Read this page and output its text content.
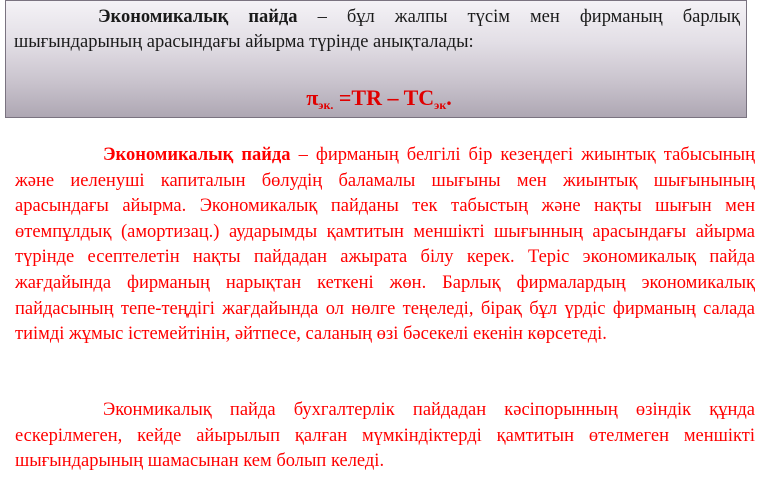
Экономикалық пайда – бұл жалпы түсім мен фирманың барлық шығындарының арасындағы айырма түрінде анықталады:
$\pi_{эк.} =TR - TC_{эк}$.
Экономикалық пайда – фирманың белгілі бір кезеңдегі жиынтық табысының және иеленуші капиталын бөлудің баламалы шығыны мен жиынтық шығынының арасындағы айырма. Экономикалық пайданы тек табыстың және нақты шығын мен өтемпұлдық (амортизац.) аударымды қамтитын меншікті шығынның арасындағы айырма түрінде есептелетін нақты пайдадан ажырата білу керек. Теріс экономикалық пайда жағдайында фирманың нарықтан кеткені жөн. Барлық фирмалардың экономикалық пайдасының тепе-теңдігі жағдайында ол нөлге теңеледі, бірақ бұл үрдіс фирманың салада тиімді жұмыс істемейтінін, әйтпесе, саланың өзі бәсекелі екенін көрсетеді.
Эконмикалық пайда бухгалтерлік пайдадан кәсіпорынның өзіндік құнда ескерілмеген, кейде айырылып қалған мүмкіндіктерді қамтитын өтелмеген меншікті шығындарының шамасынан кем болып келеді.
